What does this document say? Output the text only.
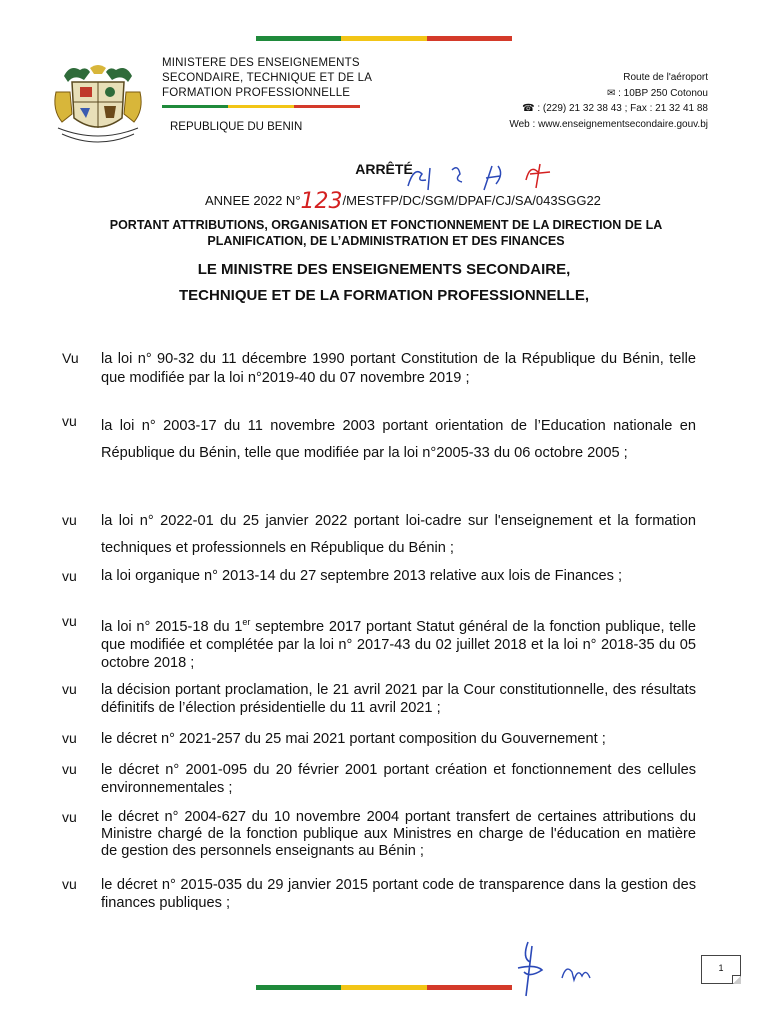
MINISTERE DES ENSEIGNEMENTS
SECONDAIRE, TECHNIQUE ET DE LA
FORMATION PROFESSIONNELLE
REPUBLIQUE DU BENIN
Route de l'aéroport
✉ : 10BP 250 Cotonou
☎ : (229) 21 32 38 43 ; Fax : 21 32 41 88
Web : www.enseignementsecondaire.gouv.bj
ARRÊTÉ
ANNEE 2022 N°123/MESTFP/DC/SGM/DPAF/CJ/SA/043SGG22
PORTANT ATTRIBUTIONS, ORGANISATION ET FONCTIONNEMENT DE LA DIRECTION DE LA PLANIFICATION, DE L’ADMINISTRATION ET DES FINANCES
LE MINISTRE DES ENSEIGNEMENTS SECONDAIRE,
TECHNIQUE ET DE LA FORMATION PROFESSIONNELLE,
Vu la loi n° 90-32 du 11 décembre 1990 portant Constitution de la République du Bénin, telle que modifiée par la loi n°2019-40 du 07 novembre 2019 ;
vu la loi n° 2003-17 du 11 novembre 2003 portant orientation de l’Education nationale en République du Bénin, telle que modifiée par la loi n°2005-33 du 06 octobre 2005 ;
vu la loi n° 2022-01 du 25 janvier 2022 portant loi-cadre sur l'enseignement et la formation techniques et professionnels en République du Bénin ;
vu la loi organique n° 2013-14 du 27 septembre 2013 relative aux lois de Finances ;
vu la loi n° 2015-18 du 1er septembre 2017 portant Statut général de la fonction publique, telle que modifiée et complétée par la loi n° 2017-43 du 02 juillet 2018 et la loi n° 2018-35 du 05 octobre 2018 ;
vu la décision portant proclamation, le 21 avril 2021 par la Cour constitutionnelle, des résultats définitifs de l’élection présidentielle du 11 avril 2021 ;
vu le décret n° 2021-257 du 25 mai 2021 portant composition du Gouvernement ;
vu le décret n° 2001-095 du 20 février 2001 portant création et fonctionnement des cellules environnementales ;
vu le décret n° 2004-627 du 10 novembre 2004 portant transfert de certaines attributions du Ministre chargé de la fonction publique aux Ministres en charge de l'éducation en matière de gestion des personnels enseignants au Bénin ;
vu le décret n° 2015-035 du 29 janvier 2015 portant code de transparence dans la gestion des finances publiques ;
1
